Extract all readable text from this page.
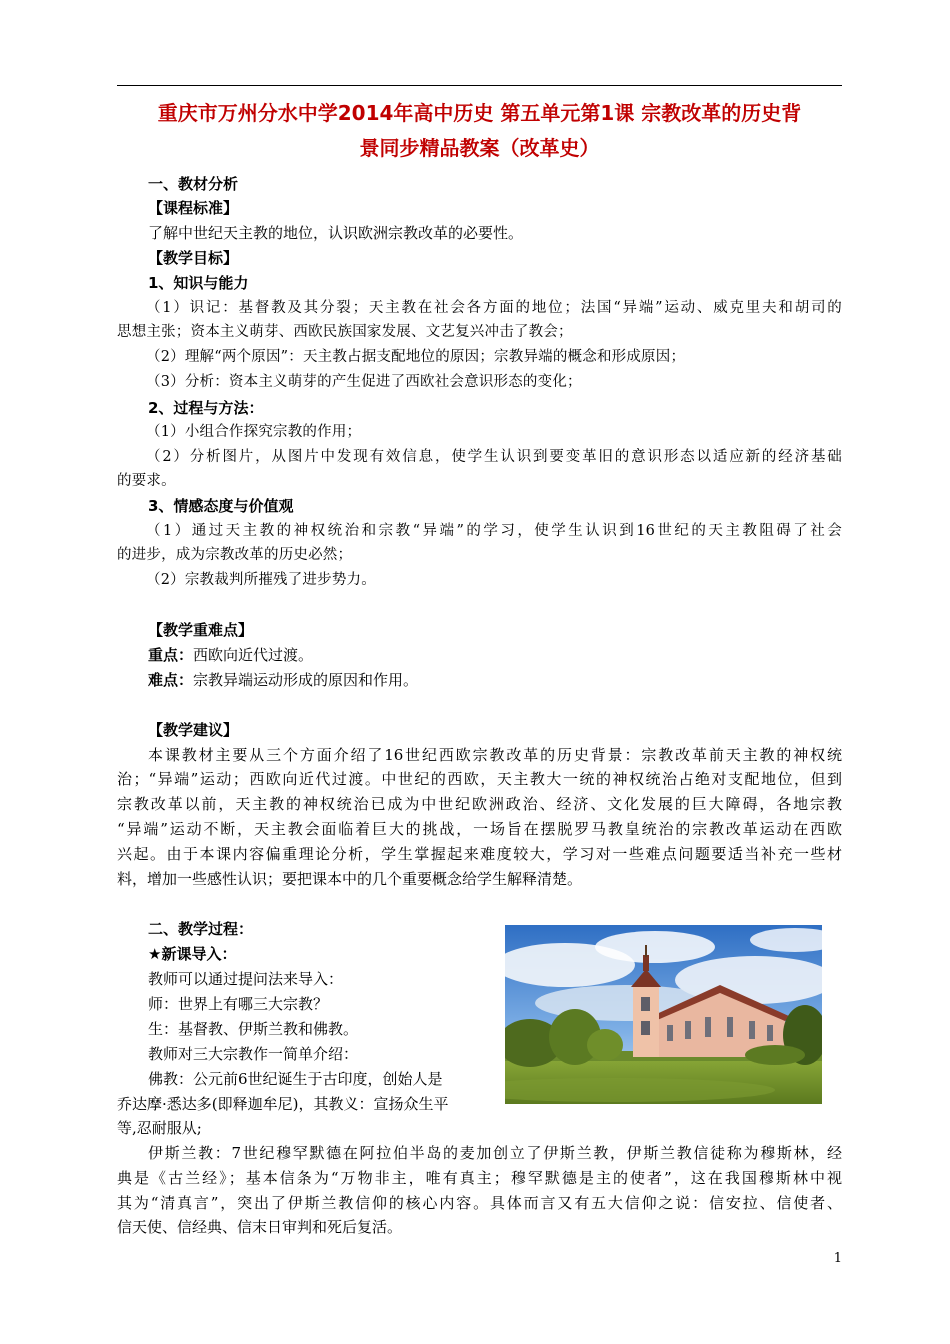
重庆市万州分水中学2014年高中历史 第五单元第1课 宗教改革的历史背
景同步精品教案（改革史）
一、教材分析
【课程标准】
了解中世纪天主教的地位，认识欧洲宗教改革的必要性。
【教学目标】
1、知识与能力
（1）识记：基督教及其分裂；天主教在社会各方面的地位；法国“异端”运动、威克里夫和胡司的
思想主张；资本主义萌芽、西欧民族国家发展、文艺复兴冲击了教会；
（2）理解“两个原因”：天主教占据支配地位的原因；宗教异端的概念和形成原因；
（3）分析：资本主义萌芽的产生促进了西欧社会意识形态的变化；
2、过程与方法：
（1）小组合作探究宗教的作用；
（2）分析图片，从图片中发现有效信息，使学生认识到要变革旧的意识形态以适应新的经济基础
的要求。
3、情感态度与价值观
（1）通过天主教的神权统治和宗教“异端”的学习，使学生认识到16世纪的天主教阻碍了社会
的进步，成为宗教改革的历史必然；
（2）宗教裁判所摧残了进步势力。
【教学重难点】
重点：西欧向近代过渡。
难点：宗教异端运动形成的原因和作用。
【教学建议】
本课教材主要从三个方面介绍了16世纪西欧宗教改革的历史背景：宗教改革前天主教的神权统
治；“异端”运动；西欧向近代过渡。中世纪的西欧，天主教大一统的神权统治占绝对支配地位，但到
宗教改革以前，天主教的神权统治已成为中世纪欧洲政治、经济、文化发展的巨大障碍，各地宗教
“异端”运动不断，天主教会面临着巨大的挑战，一场旨在摆脱罗马教皇统治的宗教改革运动在西欧
兴起。由于本课内容偏重理论分析，学生掌握起来难度较大，学习对一些难点问题要适当补充一些材
料，增加一些感性认识；要把课本中的几个重要概念给学生解释清楚。
二、教学过程：
★新课导入：
教师可以通过提问法来导入：
师：世界上有哪三大宗教？
生：基督教、伊斯兰教和佛教。
教师对三大宗教作一简单介绍：
佛教：公元前6世纪诞生于古印度，创始人是
乔达摩·悉达多(即释迦牟尼)，其教义：宣扬众生平
等,忍耐服从;
伊斯兰教：7世纪穆罕默德在阿拉伯半岛的麦加创立了伊斯兰教，伊斯兰教信徒称为穆斯林，经
典是《古兰经》；基本信条为“万物非主，唯有真主；穆罕默德是主的使者”，这在我国穆斯林中视
其为“清真言”，突出了伊斯兰教信仰的核心内容。具体而言又有五大信仰之说：信安拉、信使者、
信天使、信经典、信末日审判和死后复活。
1
